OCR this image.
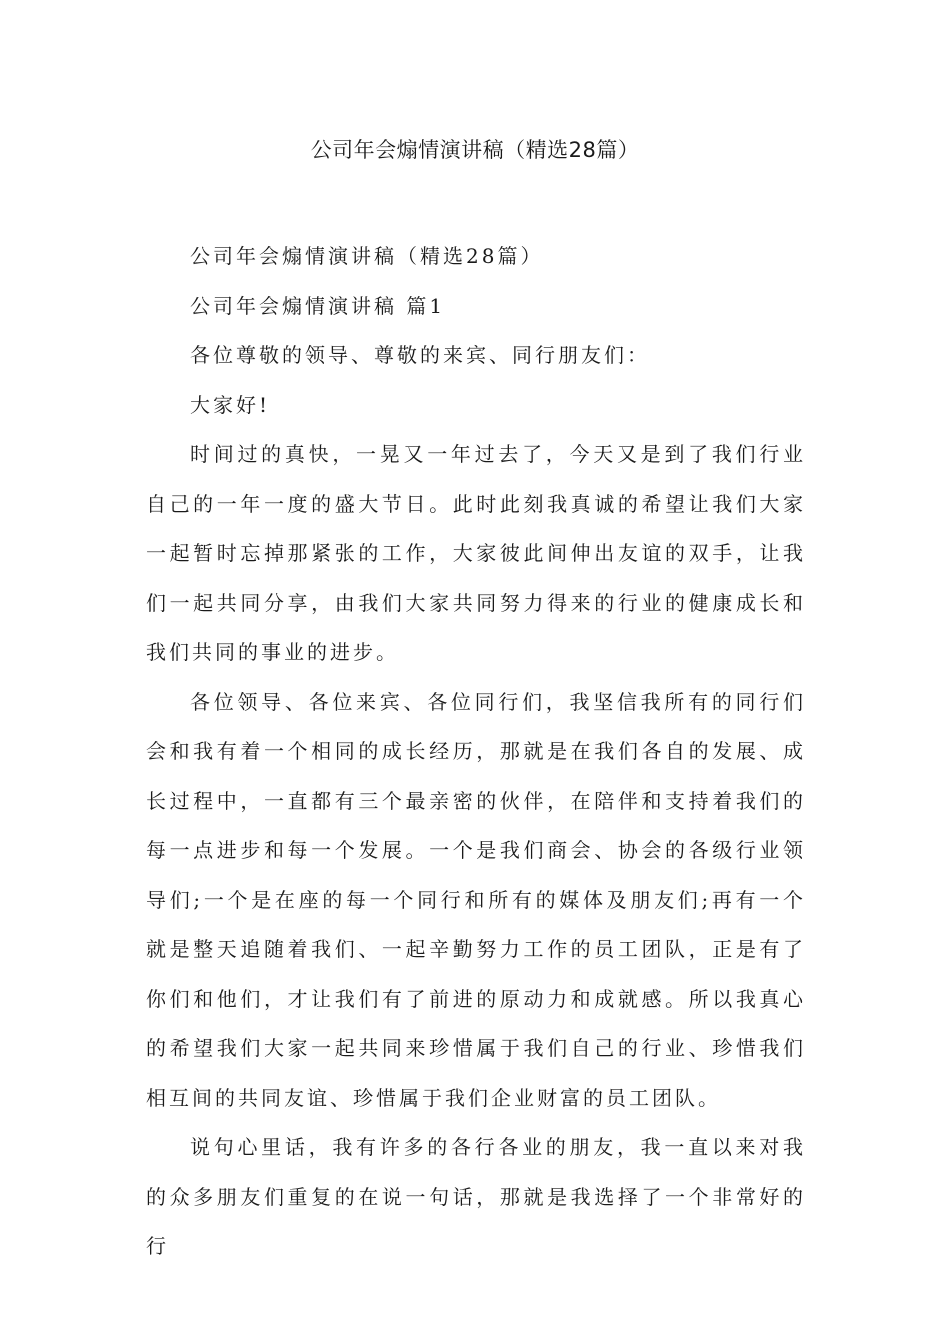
公司年会煽情演讲稿（精选28篇）

公司年会煽情演讲稿（精选28篇）

公司年会煽情演讲稿 篇1

各位尊敬的领导、尊敬的来宾、同行朋友们：

大家好!

时间过的真快，一晃又一年过去了，今天又是到了我们行业自己的一年一度的盛大节日。此时此刻我真诚的希望让我们大家一起暂时忘掉那紧张的工作，大家彼此间伸出友谊的双手，让我们一起共同分享，由我们大家共同努力得来的行业的健康成长和我们共同的事业的进步。

各位领导、各位来宾、各位同行们，我坚信我所有的同行们会和我有着一个相同的成长经历，那就是在我们各自的发展、成长过程中，一直都有三个最亲密的伙伴，在陪伴和支持着我们的每一点进步和每一个发展。一个是我们商会、协会的各级行业领导们;一个是在座的每一个同行和所有的媒体及朋友们;再有一个就是整天追随着我们、一起辛勤努力工作的员工团队，正是有了你们和他们，才让我们有了前进的原动力和成就感。所以我真心的希望我们大家一起共同来珍惜属于我们自己的行业、珍惜我们相互间的共同友谊、珍惜属于我们企业财富的员工团队。

说句心里话，我有许多的各行各业的朋友，我一直以来对我的众多朋友们重复的在说一句话，那就是我选择了一个非常好的行
